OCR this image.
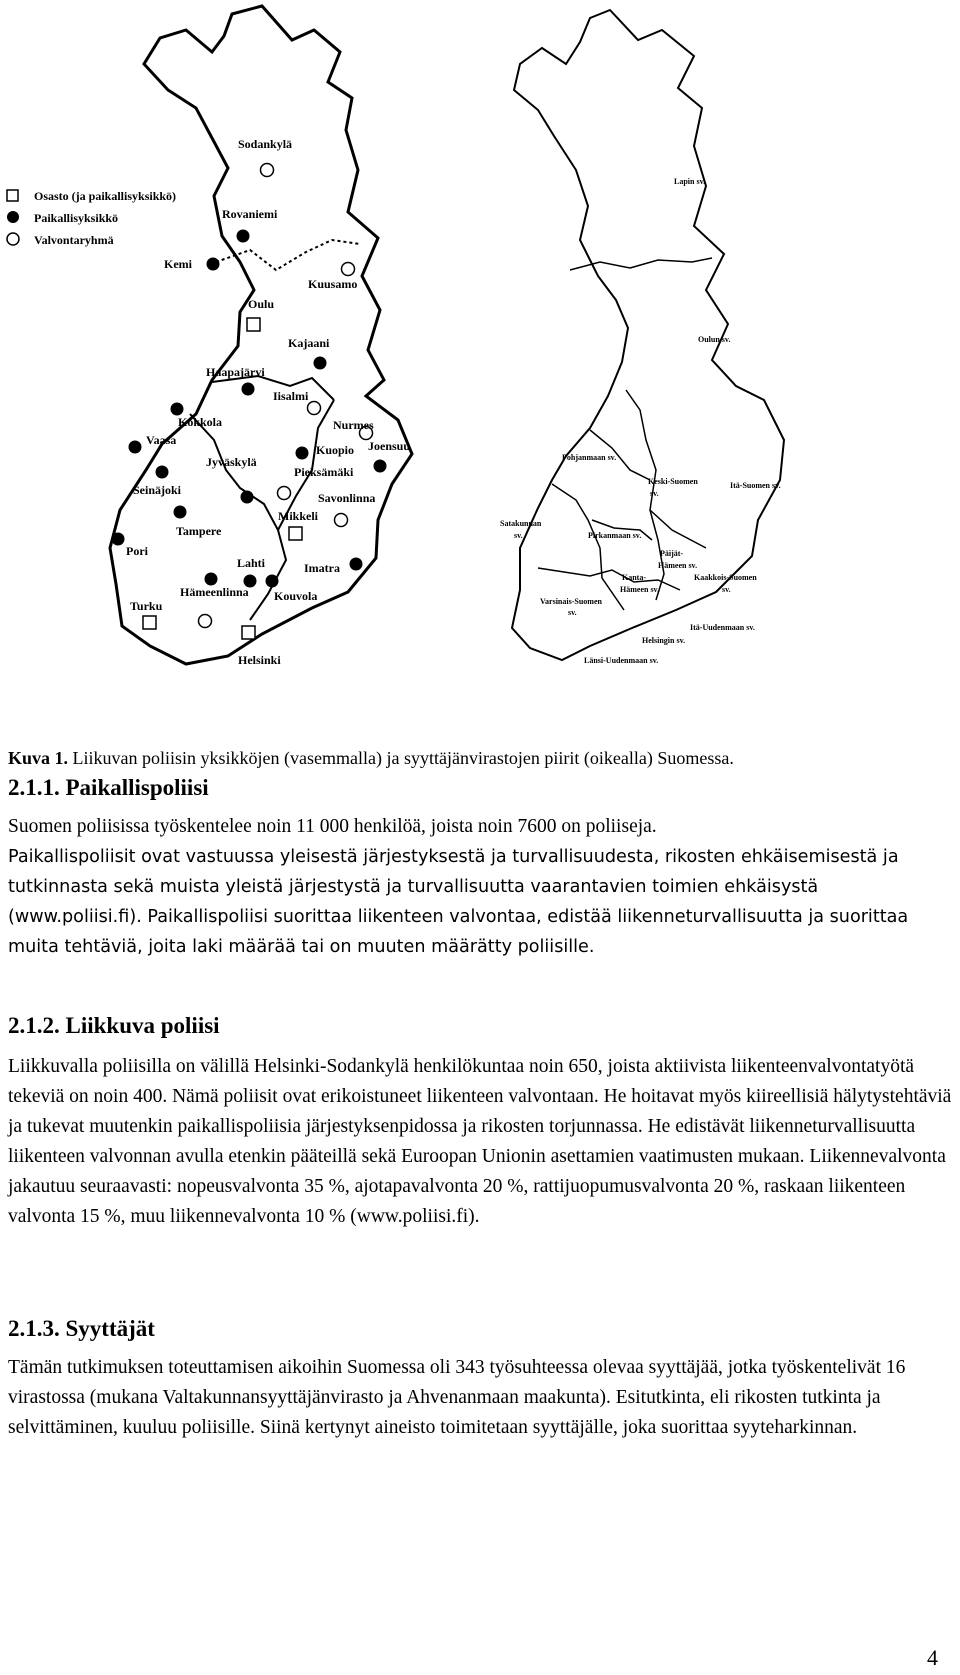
Osasto (ja paikallisyksikkö)
Paikallisyksikkö
Valvontaryhmä
Sodankylä
Rovaniemi
Kemi
Kuusamo
Oulu
Kajaani
Haapajärvi
Iisalmi
Kokkola
Vaasa
Nurmes
Kuopio Joensuu
Jyväskylä
Seinäjoki
Pieksämäki
Savonlinna
Mikkeli
Tampere
Pori
Lahti	Imatra
Hämeenlinna Kouvola
Turku
Helsinki
Lapin sv.
Oulun sv.
Pohjanmaan sv.
Keski-Suomen
sv.
Itä-Suomen sv.
Satakunnan
sv.	Pirkanmaan sv.
Päijät-
Hämeen sv.
Kanta-
Hämeen sv.
Kaakkois-Suomen
sv.
Varsinais-Suomen
sv.
Itä-Uudenmaan sv.
Helsingin sv.
Länsi-Uudenmaan sv.
Kuva 1. Liikuvan poliisin yksikköjen (vasemmalla) ja syyttäjänvirastojen piirit (oikealla) Suomessa.
2.1.1. Paikallispoliisi

Suomen poliisissa työskentelee noin 11 000 henkilöä, joista noin 7600 on poliiseja.

Paikallispoliisit ovat vastuussa yleisestä järjestyksestä ja turvallisuudesta, rikosten ehkäisemisestä ja tutkinnasta sekä muista yleistä järjestystä ja turvallisuutta vaarantavien toimien ehkäisystä (www.poliisi.fi). Paikallispoliisi suorittaa liikenteen valvontaa, edistää liikenneturvallisuutta ja suorittaa muita tehtäviä, joita laki määrää tai on muuten määrätty poliisille.

2.1.2. Liikkuva poliisi

Liikkuvalla poliisilla on välillä Helsinki-Sodankylä henkilökuntaa noin 650, joista aktiivista liikenteenvalvontatyötä tekeviä on noin 400. Nämä poliisit ovat erikoistuneet liikenteen valvontaan. He hoitavat myös kiireellisiä hälytystehtäviä ja tukevat muutenkin paikallispoliisia järjestyksenpidossa ja rikosten torjunnassa. He edistävät liikenneturvallisuutta liikenteen valvonnan avulla etenkin pääteillä sekä Euroopan Unionin asettamien vaatimusten mukaan. Liikennevalvonta jakautuu seuraavasti: nopeusvalvonta 35 %, ajotapavalvonta 20 %, rattijuopumusvalvonta 20 %, raskaan liikenteen valvonta 15 %, muu liikennevalvonta 10 % (www.poliisi.fi).

2.1.3. Syyttäjät

Tämän tutkimuksen toteuttamisen aikoihin Suomessa oli 343 työsuhteessa olevaa syyttäjää, jotka työskentelivät 16 virastossa (mukana Valtakunnansyyttäjänvirasto ja Ahvenanmaan maakunta). Esitutkinta, eli rikosten tutkinta ja selvittäminen, kuuluu poliisille. Siinä kertynyt aineisto toimitetaan syyttäjälle, joka suorittaa syyteharkinnan.

4
